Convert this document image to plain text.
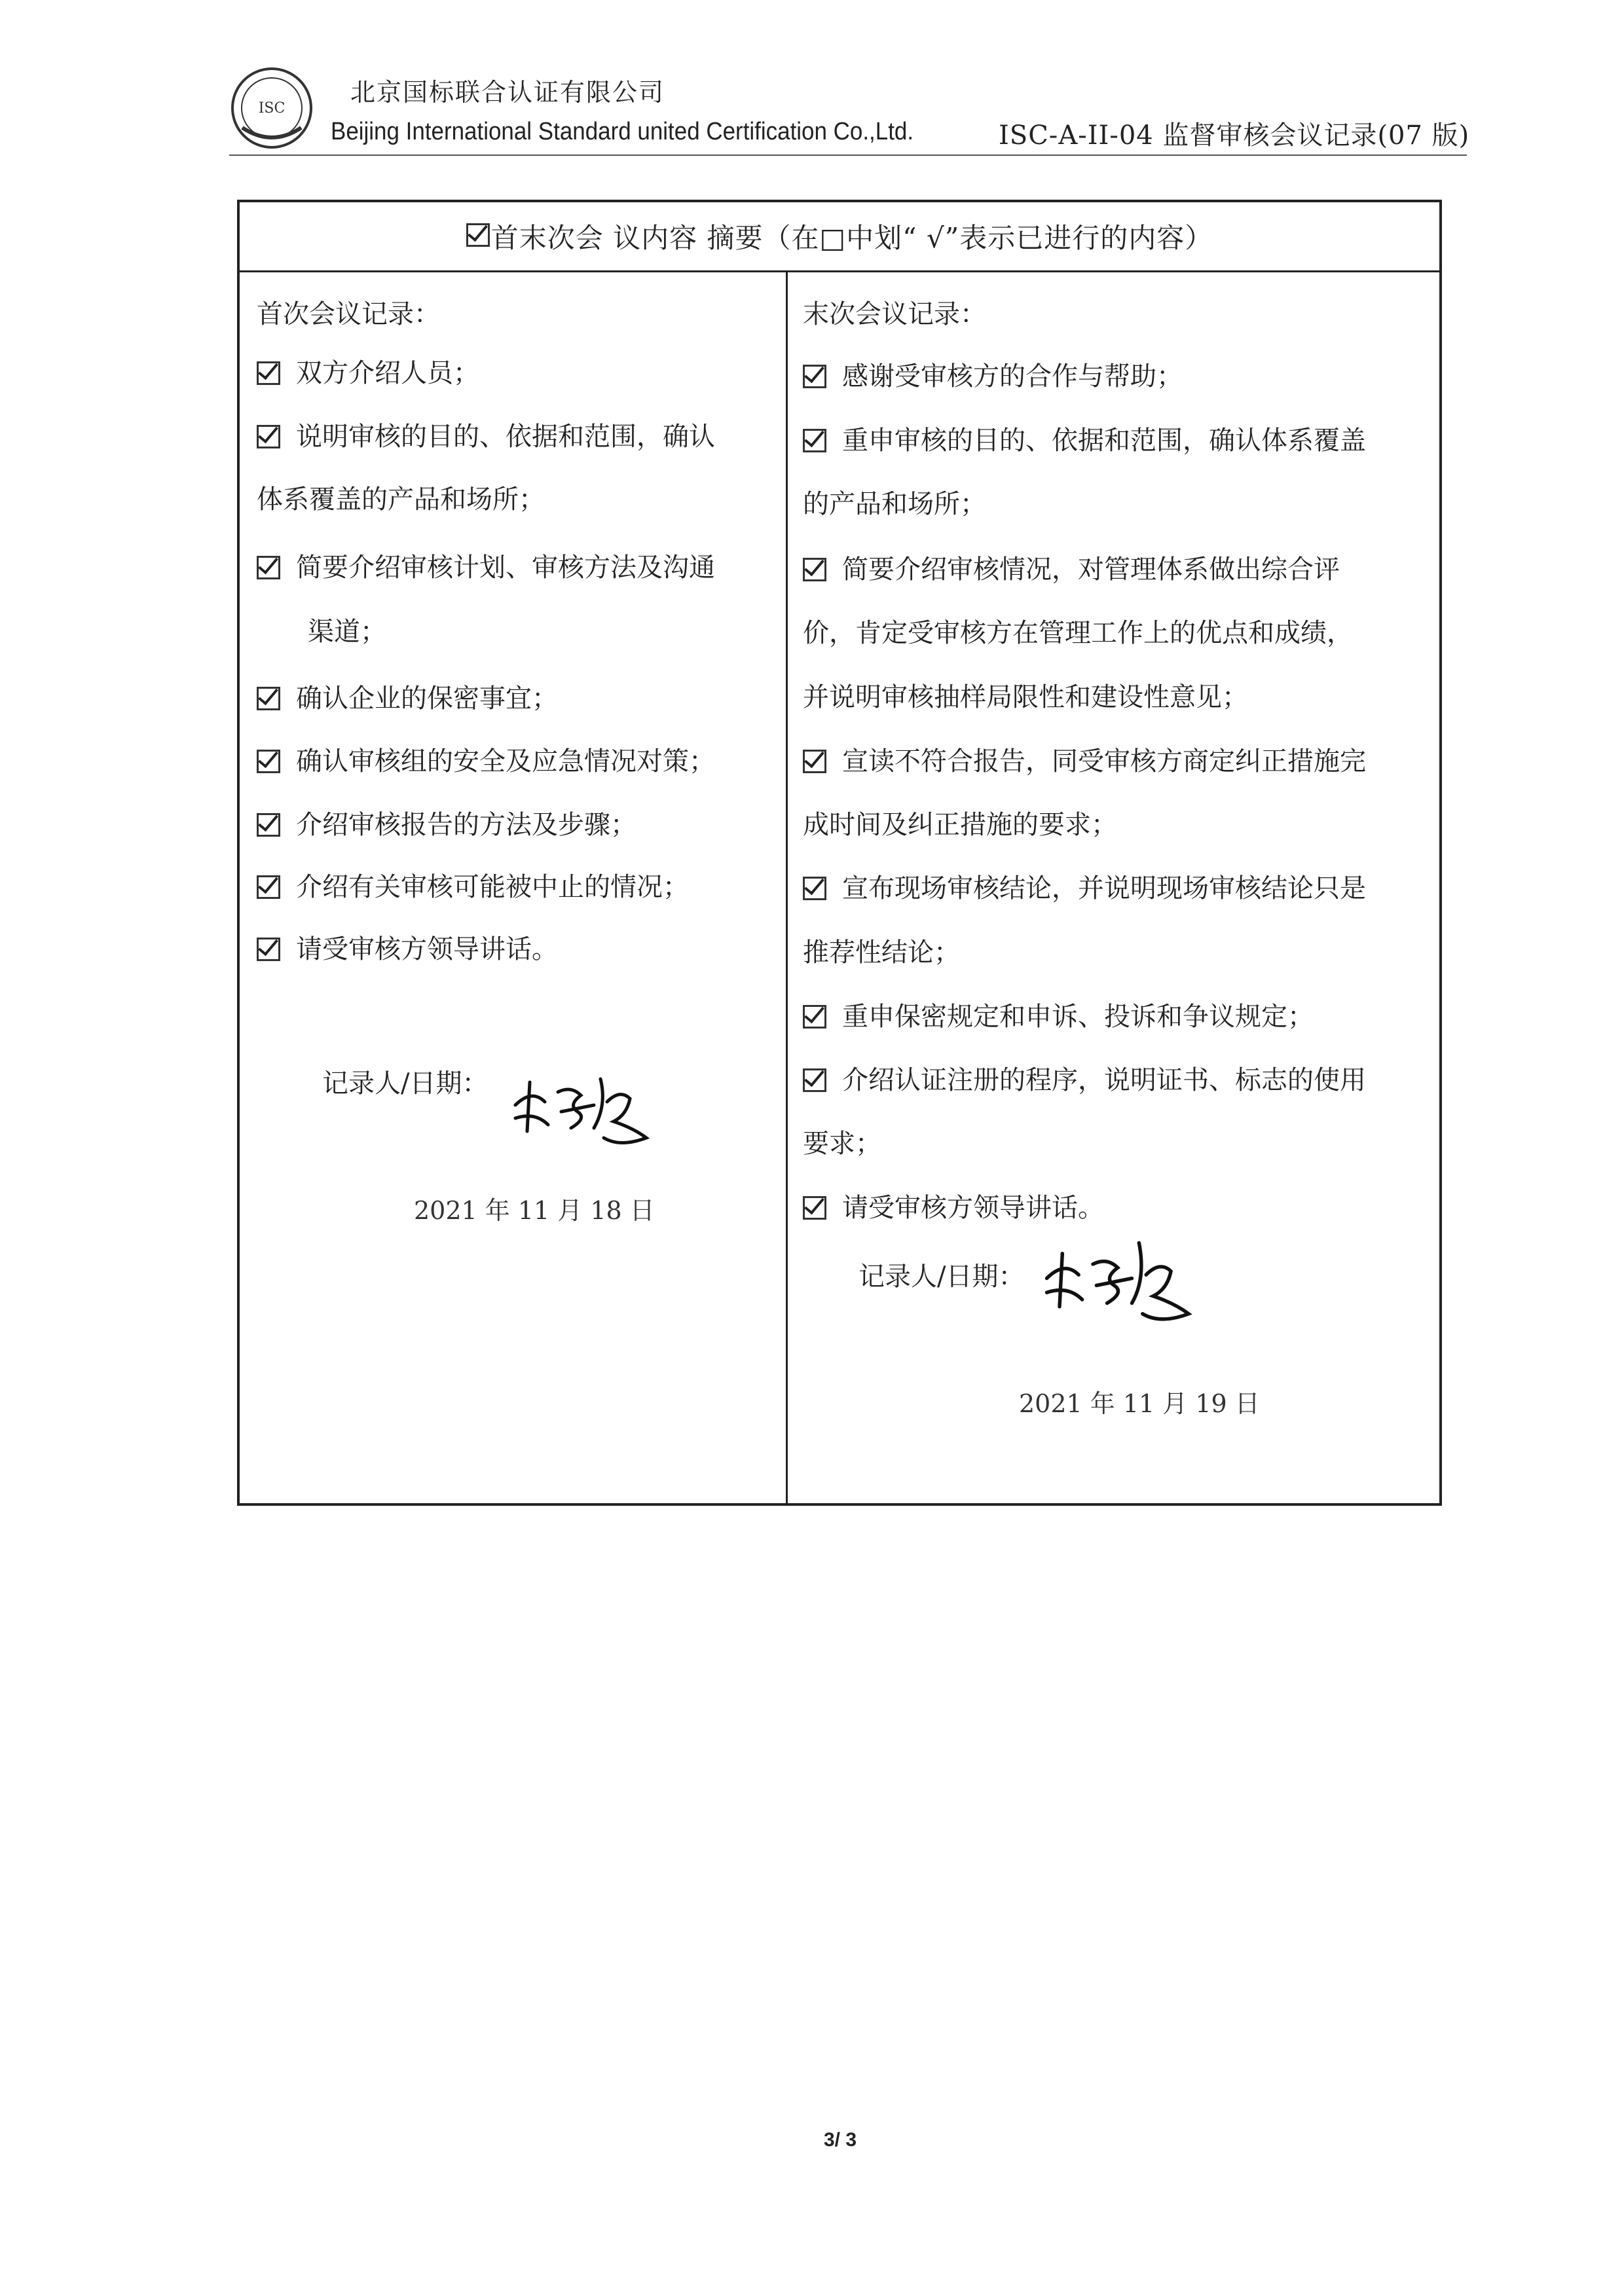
ISC
北京国标联合认证有限公司
Beijing International Standard united Certification Co.,Ltd.	ISC-A-II-04 监督审核会议记录(07 版)
首末次会 议内容 摘要（在□中划“ √”表示已进行的内容）
首次会议记录：
双方介绍人员；
说明审核的目的、依据和范围，确认
体系覆盖的产品和场所；
简要介绍审核计划、审核方法及沟通
渠道；
确认企业的保密事宜；
确认审核组的安全及应急情况对策；
介绍审核报告的方法及步骤；
介绍有关审核可能被中止的情况；
请受审核方领导讲话。
记录人/日期：
2021 年 11 月 18 日
末次会议记录：
感谢受审核方的合作与帮助；
重申审核的目的、依据和范围，确认体系覆盖
的产品和场所；
简要介绍审核情况，对管理体系做出综合评
价，肯定受审核方在管理工作上的优点和成绩，
并说明审核抽样局限性和建设性意见；
宣读不符合报告，同受审核方商定纠正措施完
成时间及纠正措施的要求；
宣布现场审核结论，并说明现场审核结论只是
推荐性结论；
重申保密规定和申诉、投诉和争议规定；
介绍认证注册的程序，说明证书、标志的使用
要求；
请受审核方领导讲话。
记录人/日期：
2021 年 11 月 19 日
3/ 3
